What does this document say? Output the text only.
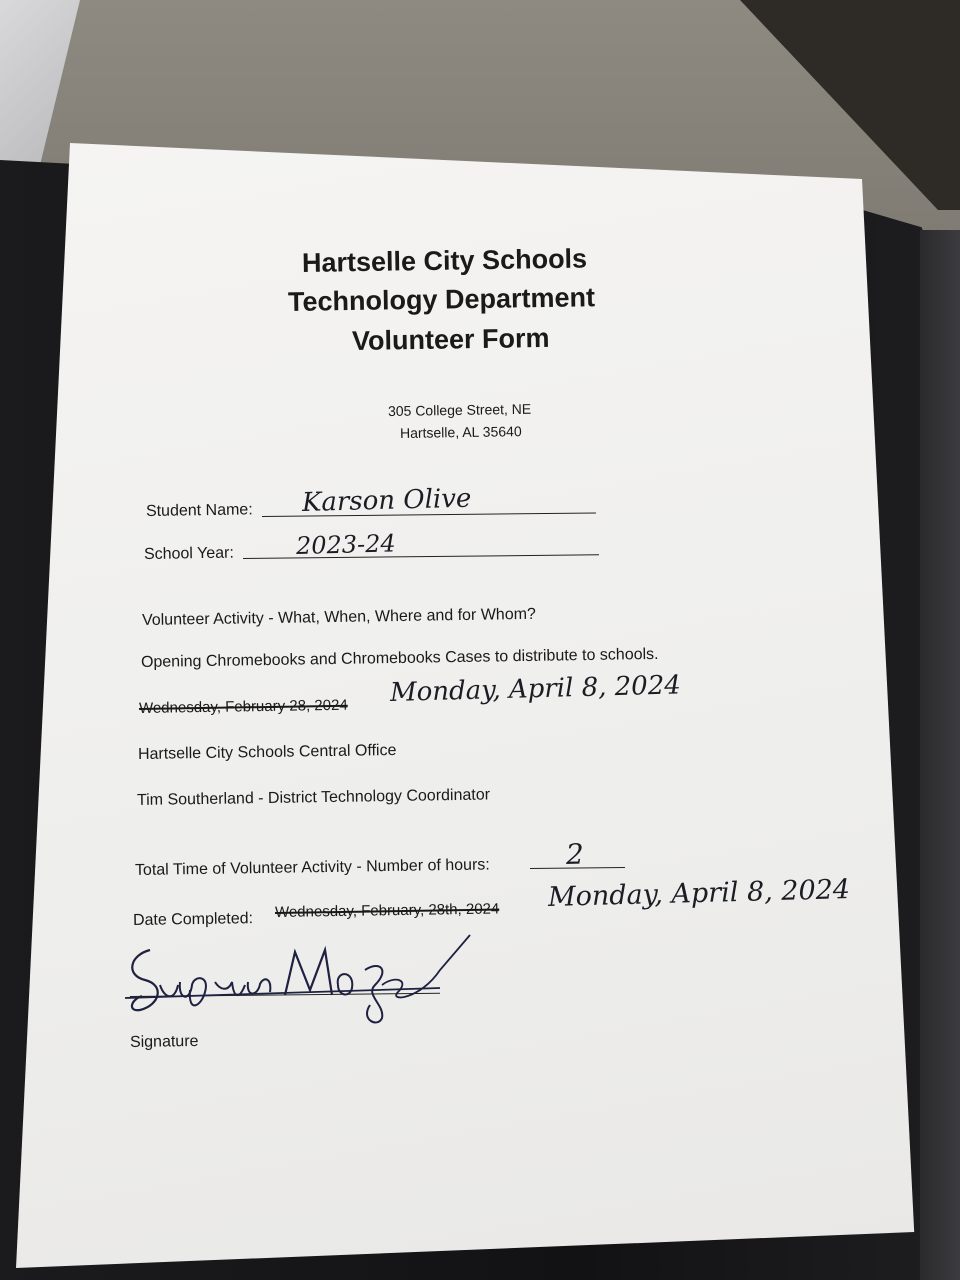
Hartselle City Schools
Technology Department
Volunteer Form
305 College Street, NE
Hartselle, AL 35640
Student Name: Karson Olive
School Year:	2023-24
Volunteer Activity - What, When, Where and for Whom?
Opening Chromebooks and Chromebooks Cases to distribute to schools.
Wednesday, February 28, 2024 Monday, April 8, 2024
Hartselle City Schools Central Office
Tim Southerland - District Technology Coordinator
Total Time of Volunteer Activity - Number of hours:	2
Date Completed: Wednesday, February, 28th, 2024 Monday, April 8, 2024
Signature
